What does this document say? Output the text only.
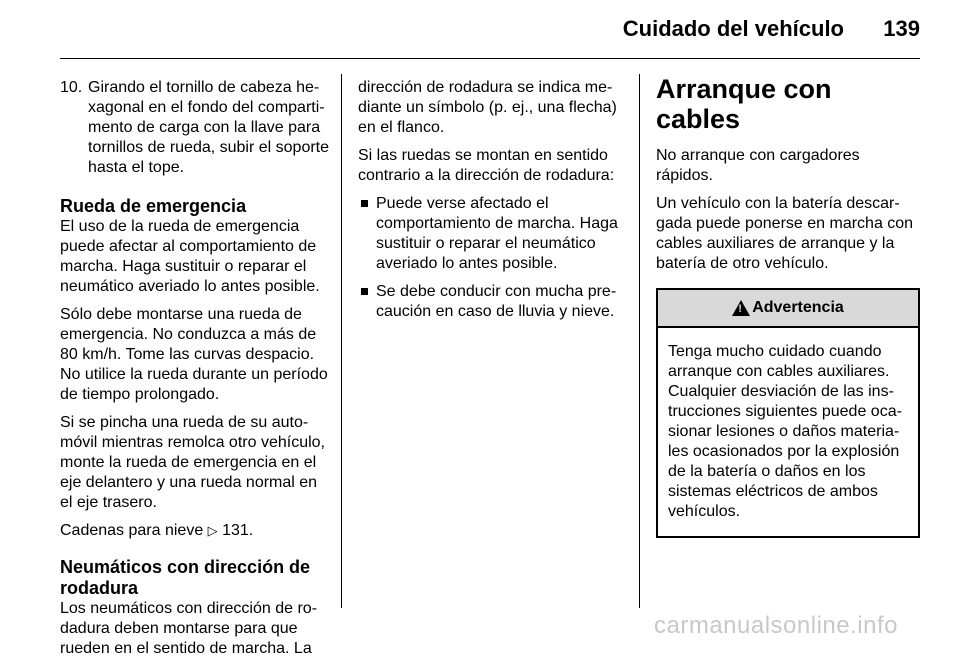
Cuidado del vehículo	139
10. Girando el tornillo de cabeza hexagonal en el fondo del compartimento de carga con la llave para tornillos de rueda, subir el soporte hasta el tope.
Rueda de emergencia

El uso de la rueda de emergencia puede afectar al comportamiento de marcha. Haga sustituir o reparar el neumático averiado lo antes posible.

Sólo debe montarse una rueda de emergencia. No conduzca a más de 80 km/h. Tome las curvas despacio. No utilice la rueda durante un período de tiempo prolongado.

Si se pincha una rueda de su automóvil mientras remolca otro vehículo, monte la rueda de emergencia en el eje delantero y una rueda normal en el eje trasero.

Cadenas para nieve ▷ 131.

Neumáticos con dirección de rodadura

Los neumáticos con dirección de rodadura deben montarse para que rueden en el sentido de marcha. La

dirección de rodadura se indica mediante un símbolo (p. ej., una flecha) en el flanco.

Si las ruedas se montan en sentido contrario a la dirección de rodadura:

Puede verse afectado el comportamiento de marcha. Haga sustituir o reparar el neumático averiado lo antes posible.
Se debe conducir con mucha precaución en caso de lluvia y nieve.
Arranque con cables

No arranque con cargadores rápidos.

Un vehículo con la batería descargada puede ponerse en marcha con cables auxiliares de arranque y la batería de otro vehículo.

!
Advertencia
Tenga mucho cuidado cuando arranque con cables auxiliares. Cualquier desviación de las instrucciones siguientes puede ocasionar lesiones o daños materiales ocasionados por la explosión de la batería o daños en los sistemas eléctricos de ambos vehículos.
carmanualsonline.info
